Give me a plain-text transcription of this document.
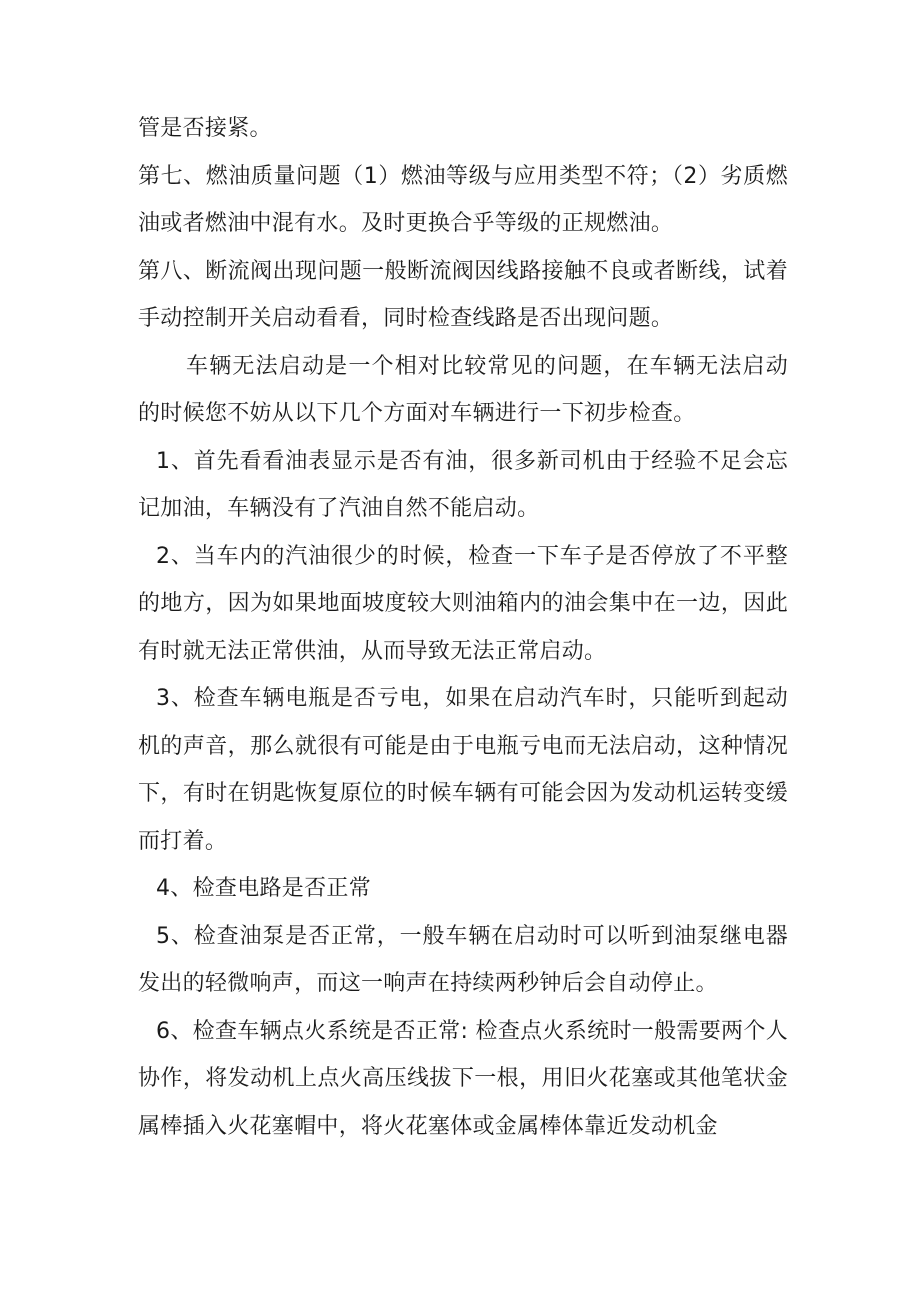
管是否接紧。

第七、燃油质量问题（1）燃油等级与应用类型不符；（2）劣质燃油或者燃油中混有水。及时更换合乎等级的正规燃油。

第八、断流阀出现问题一般断流阀因线路接触不良或者断线，试着手动控制开关启动看看，同时检查线路是否出现问题。

车辆无法启动是一个相对比较常见的问题，在车辆无法启动的时候您不妨从以下几个方面对车辆进行一下初步检查。

1、首先看看油表显示是否有油，很多新司机由于经验不足会忘记加油，车辆没有了汽油自然不能启动。

2、当车内的汽油很少的时候，检查一下车子是否停放了不平整的地方，因为如果地面坡度较大则油箱内的油会集中在一边，因此有时就无法正常供油，从而导致无法正常启动。

3、检查车辆电瓶是否亏电，如果在启动汽车时，只能听到起动机的声音，那么就很有可能是由于电瓶亏电而无法启动，这种情况下，有时在钥匙恢复原位的时候车辆有可能会因为发动机运转变缓而打着。

4、检查电路是否正常

5、检查油泵是否正常，一般车辆在启动时可以听到油泵继电器发出的轻微响声，而这一响声在持续两秒钟后会自动停止。

6、检查车辆点火系统是否正常: 检查点火系统时一般需要两个人协作，将发动机上点火高压线拔下一根，用旧火花塞或其他笔状金属棒插入火花塞帽中，将火花塞体或金属棒体靠近发动机金
